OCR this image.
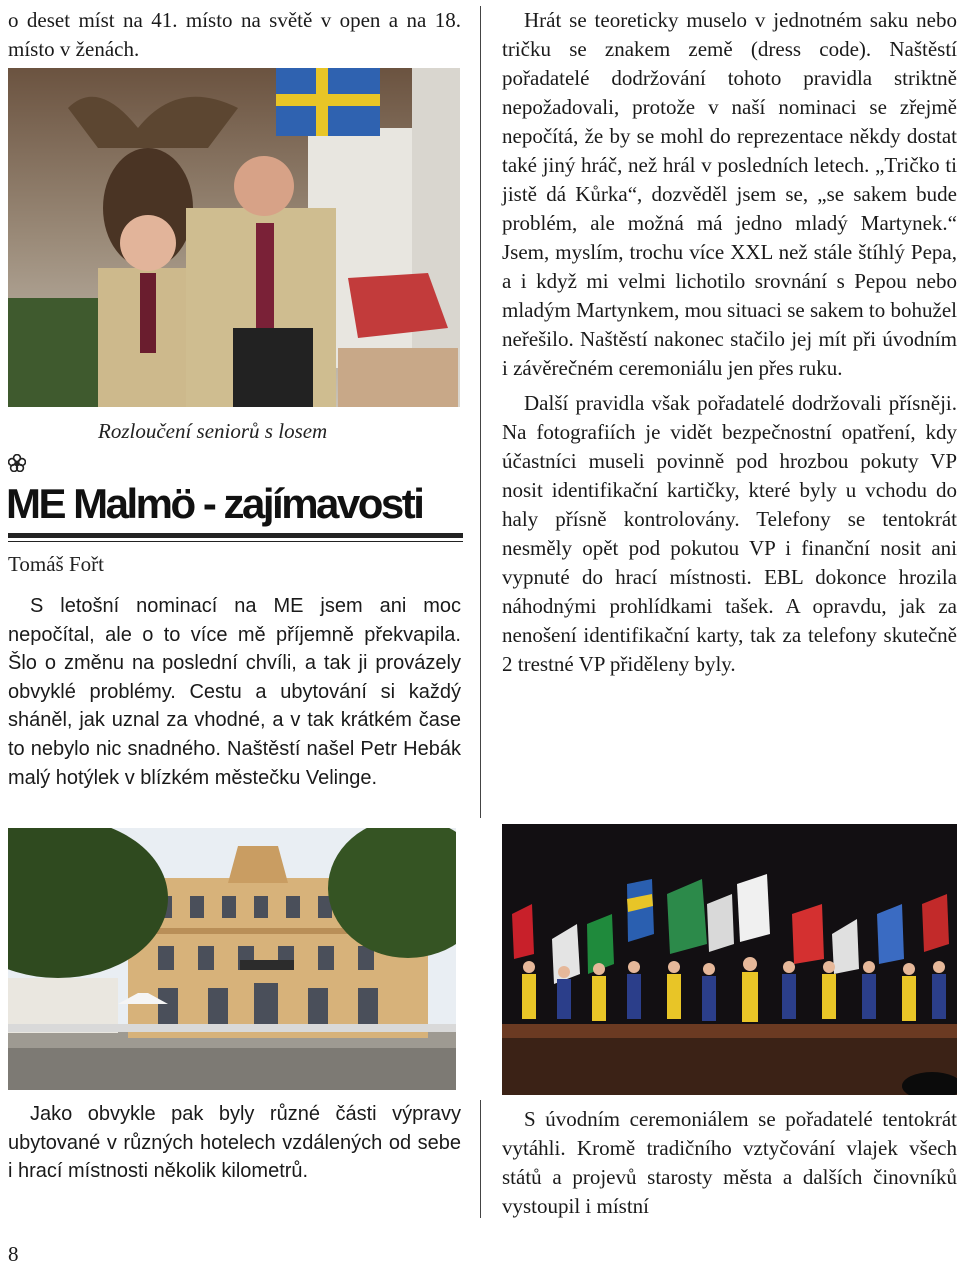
o deset míst na 41. místo na světě v open a na 18. místo v ženách.

Rozloučení seniorů s losem
ME Malmö - zajímavosti
Tomáš Fořt

S letošní nominací na ME jsem ani moc nepočítal, ale o to více mě příjemně překvapila. Šlo o změnu na poslední chvíli, a tak ji provázely obvyklé problémy. Cestu a ubytování si každý sháněl, jak uznal za vhodné, a v tak krátkém čase to nebylo nic snadného. Naštěstí našel Petr Hebák malý hotýlek v blízkém městečku Velinge.

Jako obvykle pak byly různé části výpravy ubytované v různých hotelech vzdálených od sebe i hrací místnosti několik kilometrů.

Hrát se teoreticky muselo v jednotném saku nebo tričku se znakem země (dress code). Naštěstí pořadatelé dodržování tohoto pravidla striktně nepožadovali, protože v naší nominaci se zřejmě nepočítá, že by se mohl do reprezentace někdy dostat také jiný hráč, než hrál v posledních letech. „Tričko ti jistě dá Kůrka“, dozvěděl jsem se, „se sakem bude problém, ale možná má jedno mladý Martynek.“ Jsem, myslím, trochu více XXL než stále štíhlý Pepa, a i když mi velmi lichotilo srovnání s Pepou nebo mladým Martynkem, mou situaci se sakem to bohužel neřešilo. Naštěstí nakonec stačilo jej mít při úvodním i závěrečném ceremoniálu jen přes ruku.

Další pravidla však pořadatelé dodržovali přísněji. Na fotografiích je vidět bezpečnostní opatření, kdy účastníci museli povinně pod hrozbou pokuty VP nosit identifikační kartičky, které byly u vchodu do haly přísně kontrolovány. Telefony se tentokrát nesměly opět pod pokutou VP i finanční nosit ani vypnuté do hrací místnosti. EBL dokonce hrozila náhodnými prohlídkami tašek. A opravdu, jak za nenošení identifikační karty, tak za telefony skutečně 2 trestné VP přiděleny byly.

S úvodním ceremoniálem se pořadatelé tentokrát vytáhli. Kromě tradičního vztyčování vlajek všech států a projevů starosty města a dalších činovníků vystoupil i místní

8
